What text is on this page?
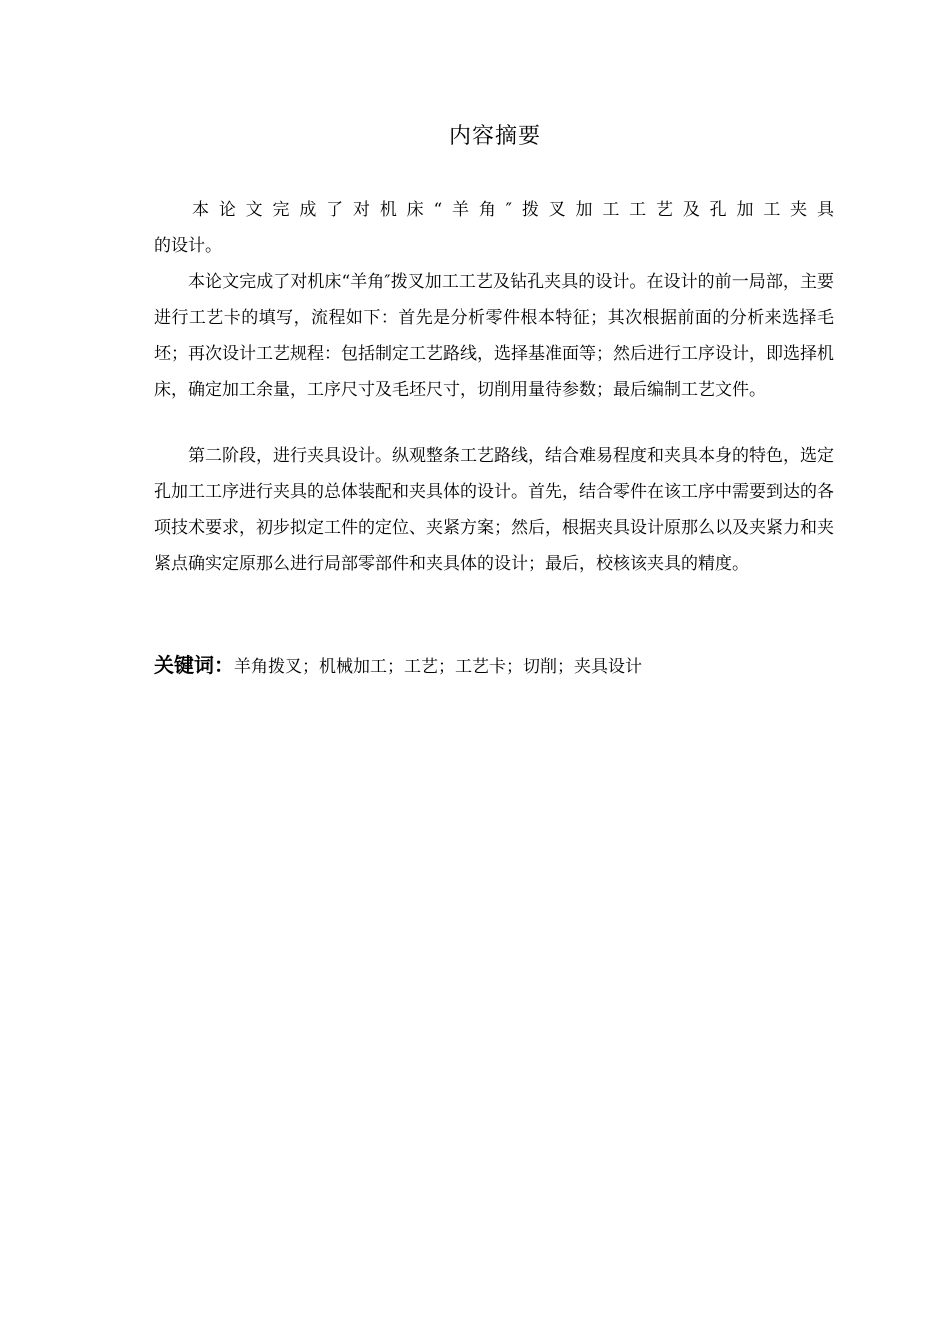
内容摘要
本论文完成了对机床“羊角″拨叉加工工艺及孔加工夹具
的设计。
本论文完成了对机床“羊角″拨叉加工工艺及钻孔夹具的设计。在设计的前一局部，主要进行工艺卡的填写，流程如下：首先是分析零件根本特征；其次根据前面的分析来选择毛坯；再次设计工艺规程：包括制定工艺路线，选择基准面等；然后进行工序设计，即选择机床，确定加工余量，工序尺寸及毛坯尺寸，切削用量待参数；最后编制工艺文件。
第二阶段，进行夹具设计。纵观整条工艺路线，结合难易程度和夹具本身的特色，选定孔加工工序进行夹具的总体装配和夹具体的设计。首先，结合零件在该工序中需要到达的各项技术要求，初步拟定工件的定位、夹紧方案；然后，根据夹具设计原那么以及夹紧力和夹紧点确实定原那么进行局部零部件和夹具体的设计；最后，校核该夹具的精度。
关键词：羊角拨叉；机械加工；工艺；工艺卡；切削；夹具设计
